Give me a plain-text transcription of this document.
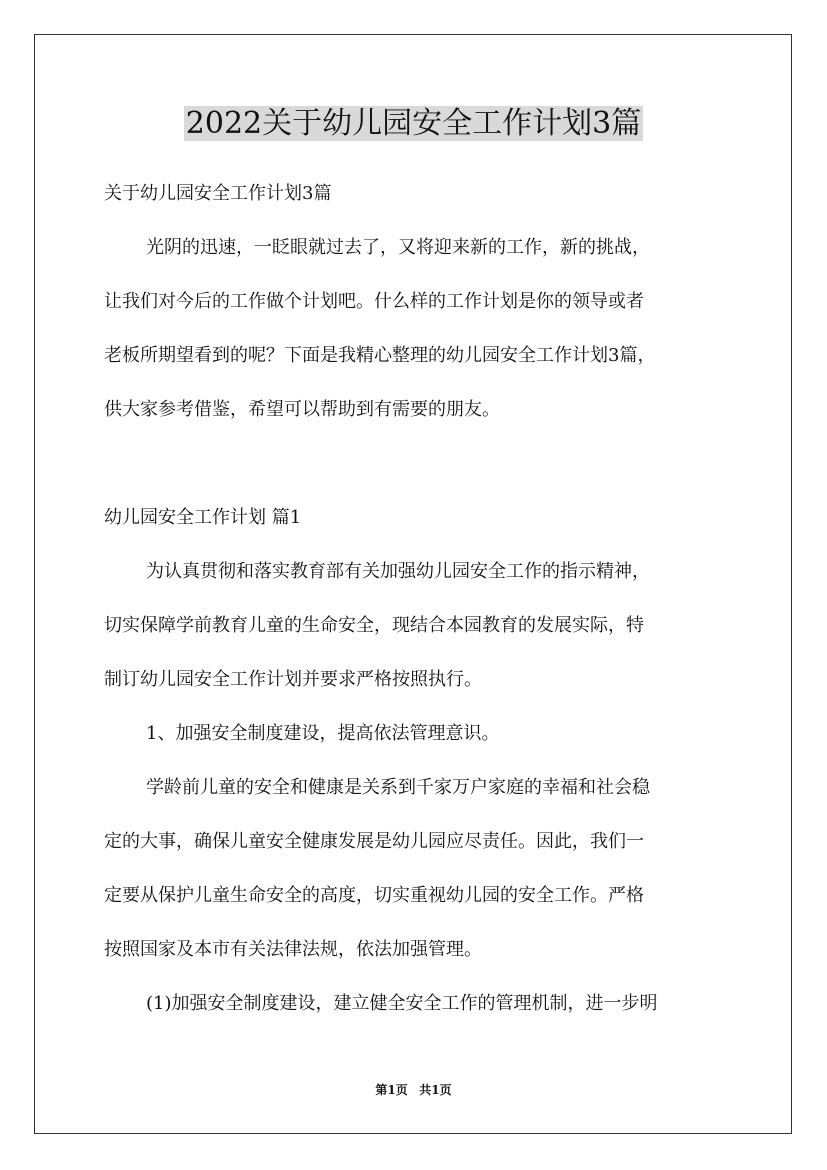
2022关于幼儿园安全工作计划3篇
关于幼儿园安全工作计划3篇
光阴的迅速，一眨眼就过去了，又将迎来新的工作，新的挑战，
让我们对今后的工作做个计划吧。什么样的工作计划是你的领导或者
老板所期望看到的呢？下面是我精心整理的幼儿园安全工作计划3篇，
供大家参考借鉴，希望可以帮助到有需要的朋友。
幼儿园安全工作计划 篇1
为认真贯彻和落实教育部有关加强幼儿园安全工作的指示精神，
切实保障学前教育儿童的生命安全，现结合本园教育的发展实际，特
制订幼儿园安全工作计划并要求严格按照执行。
1、加强安全制度建设，提高依法管理意识。
学龄前儿童的安全和健康是关系到千家万户家庭的幸福和社会稳
定的大事，确保儿童安全健康发展是幼儿园应尽责任。因此，我们一
定要从保护儿童生命安全的高度，切实重视幼儿园的安全工作。严格
按照国家及本市有关法律法规，依法加强管理。
(1)加强安全制度建设，建立健全安全工作的管理机制，进一步明
第1页 共1页
